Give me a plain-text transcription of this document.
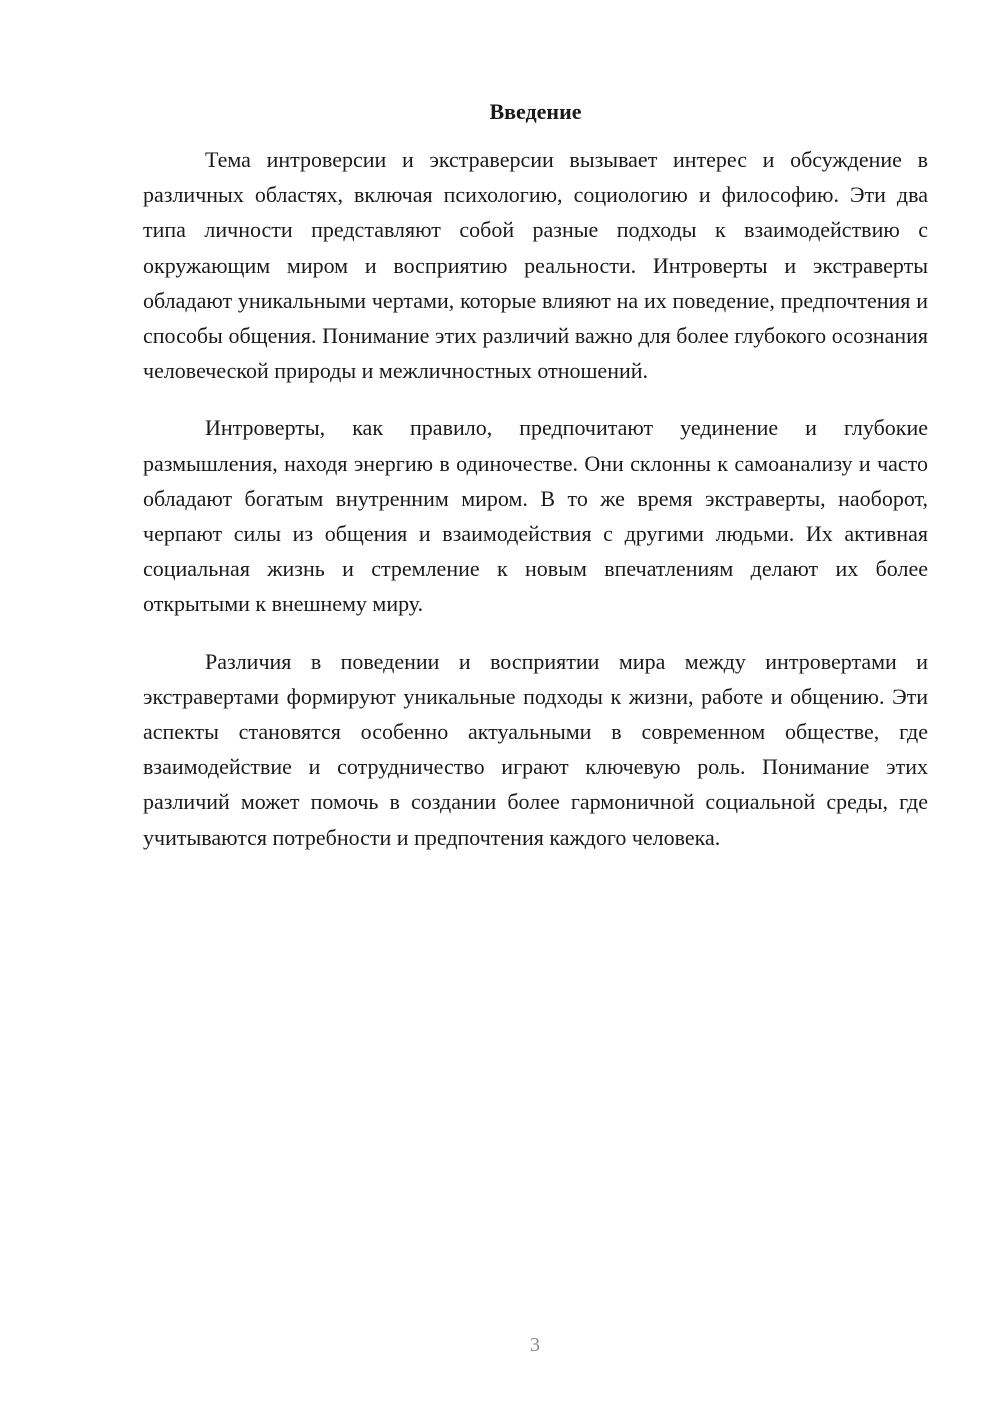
Введение

Тема интроверсии и экстраверсии вызывает интерес и обсуждение в различных областях, включая психологию, социологию и философию. Эти два типа личности представляют собой разные подходы к взаимодействию с окружающим миром и восприятию реальности. Интроверты и экстраверты обладают уникальными чертами, которые влияют на их поведение, предпочтения и способы общения. Понимание этих различий важно для более глубокого осознания человеческой природы и межличностных отношений.

Интроверты, как правило, предпочитают уединение и глубокие размышления, находя энергию в одиночестве. Они склонны к самоанализу и часто обладают богатым внутренним миром. В то же время экстраверты, наоборот, черпают силы из общения и взаимодействия с другими людьми. Их активная социальная жизнь и стремление к новым впечатлениям делают их более открытыми к внешнему миру.

Различия в поведении и восприятии мира между интровертами и экстравертами формируют уникальные подходы к жизни, работе и общению. Эти аспекты становятся особенно актуальными в современном обществе, где взаимодействие и сотрудничество играют ключевую роль. Понимание этих различий может помочь в создании более гармоничной социальной среды, где учитываются потребности и предпочтения каждого человека.

3
